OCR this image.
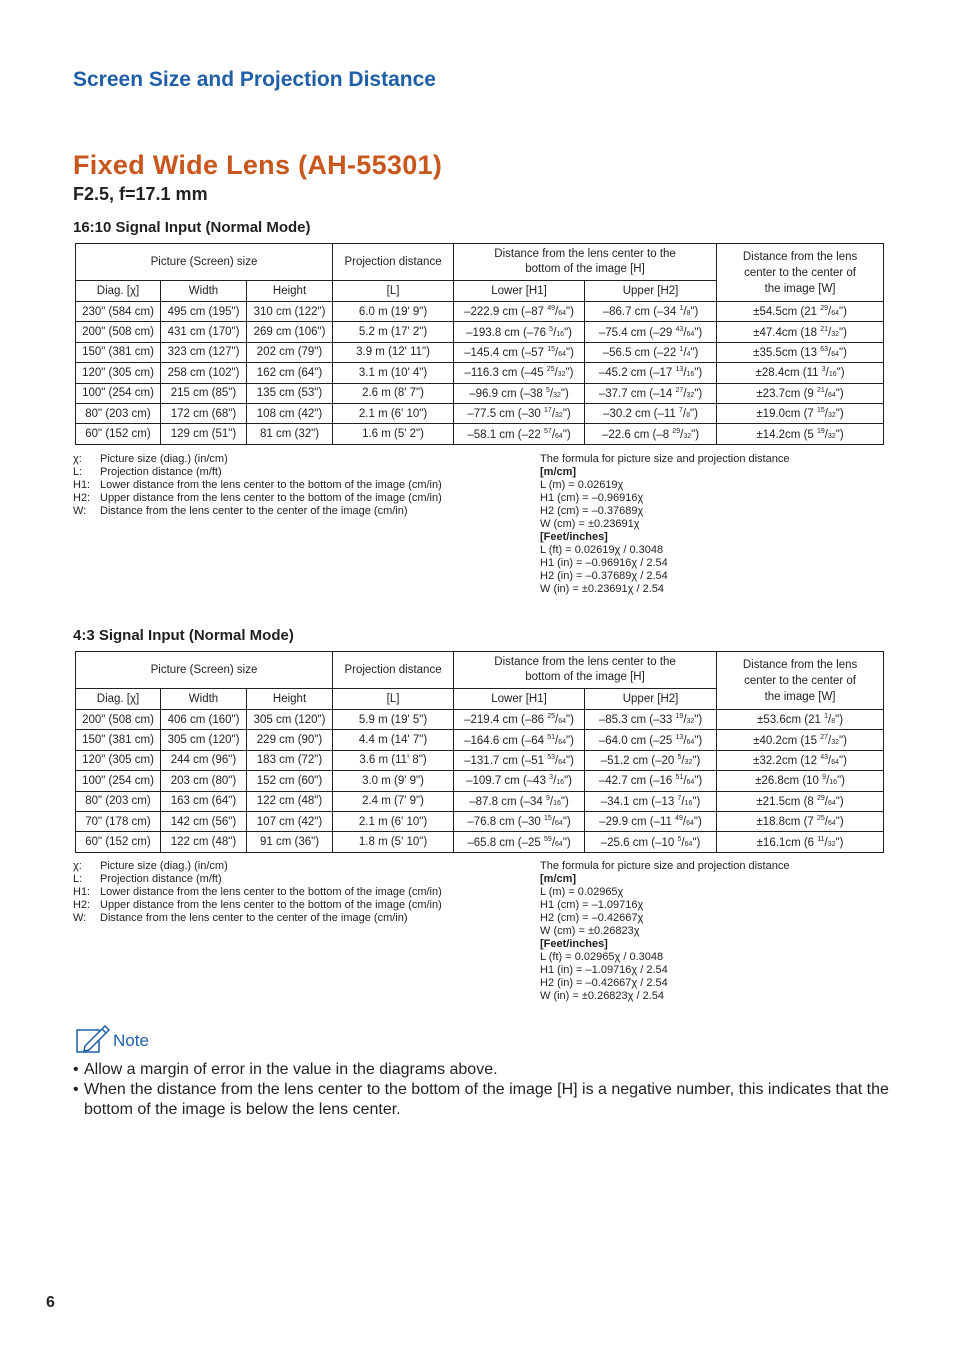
Screen Size and Projection Distance
Fixed Wide Lens (AH-55301)
F2.5, f=17.1 mm
16:10 Signal Input (Normal Mode)
Picture (Screen) size			Projection distance	Distance from the lens center to the bottom of the image [H]		Distance from the lens center to the center of the image [W]
Diag. [χ]	Width	Height	[L]	Lower [H1]	Upper [H2]	
230" (584 cm)	495 cm (195")	310 cm (122")	6.0 m (19' 9")	–222.9 cm (–87 $^{49}$/64")	–86.7 cm (–34 $^1$/8")	±54.5cm (21 $^{29}$/64")
200" (508 cm)	431 cm (170")	269 cm (106")	5.2 m (17' 2")	–193.8 cm (–76 $^5$/16")	–75.4 cm (–29 $^{43}$/64")	±47.4cm (18 $^{21}$/32")
150" (381 cm)	323 cm (127")	202 cm (79")	3.9 m (12' 11")	–145.4 cm (–57 $^{15}$/64")	–56.5 cm (–22 $^1$/4")	±35.5cm (13 $^{63}$/64")
120" (305 cm)	258 cm (102")	162 cm (64")	3.1 m (10' 4")	–116.3 cm (–45 $^{25}$/32")	–45.2 cm (–17 $^{13}$/16")	±28.4cm (11 $^3$/16")
100" (254 cm)	215 cm (85")	135 cm (53")	2.6 m (8' 7")	–96.9 cm (–38 $^5$/32")	–37.7 cm (–14 $^{27}$/32")	±23.7cm (9 $^{21}$/64")
80" (203 cm)	172 cm (68")	108 cm (42")	2.1 m (6' 10")	–77.5 cm (–30 $^{17}$/32")	–30.2 cm (–11 $^7$/8")	±19.0cm (7 $^{15}$/32")
60" (152 cm)	129 cm (51")	81 cm (32")	1.6 m (5' 2")	–58.1 cm (–22 $^{57}$/64")	–22.6 cm (–8 $^{29}$/32")	±14.2cm (5 $^{19}$/32")
χ:	Picture size (diag.) (in/cm)
L:	Projection distance (m/ft)
H1: Lower distance from the lens center to the bottom of the image (cm/in)
H2: Upper distance from the lens center to the bottom of the image (cm/in)
W:	Distance from the lens center to the center of the image (cm/in)
The formula for picture size and projection distance
[m/cm]
L (m) = 0.02619χ
H1 (cm) = –0.96916χ
H2 (cm) = –0.37689χ
W (cm) = ±0.23691χ
[Feet/inches]
L (ft) = 0.02619χ / 0.3048
H1 (in) = –0.96916χ / 2.54
H2 (in) = –0.37689χ / 2.54
W (in) = ±0.23691χ / 2.54
4:3 Signal Input (Normal Mode)
Picture (Screen) size			Projection distance	Distance from the lens center to the bottom of the image [H]		Distance from the lens center to the center of the image [W]
Diag. [χ]	Width	Height	[L]	Lower [H1]	Upper [H2]	
200" (508 cm)	406 cm (160")	305 cm (120")	5.9 m (19' 5")	–219.4 cm (–86 $^{25}$/64")	–85.3 cm (–33 $^{19}$/32")	±53.6cm (21 $^1$/8")
150" (381 cm)	305 cm (120")	229 cm (90")	4.4 m (14' 7")	–164.6 cm (–64 $^{51}$/64")	–64.0 cm (–25 $^{13}$/64")	±40.2cm (15 $^{27}$/32")
120" (305 cm)	244 cm (96")	183 cm (72")	3.6 m (11' 8")	–131.7 cm (–51 $^{53}$/64")	–51.2 cm (–20 $^5$/32")	±32.2cm (12 $^{43}$/64")
100" (254 cm)	203 cm (80")	152 cm (60")	3.0 m (9' 9")	–109.7 cm (–43 $^3$/16")	–42.7 cm (–16 $^{51}$/64")	±26.8cm (10 $^9$/16")
80" (203 cm)	163 cm (64")	122 cm (48")	2.4 m (7' 9")	–87.8 cm (–34 $^9$/16")	–34.1 cm (–13 $^7$/16")	±21.5cm (8 $^{29}$/64")
70" (178 cm)	142 cm (56")	107 cm (42")	2.1 m (6' 10")	–76.8 cm (–30 $^{15}$/64")	–29.9 cm (–11 $^{49}$/64")	±18.8cm (7 $^{25}$/64")
60" (152 cm)	122 cm (48")	91 cm (36")	1.8 m (5' 10")	–65.8 cm (–25 $^{59}$/64")	–25.6 cm (–10 $^5$/64")	±16.1cm (6 $^{11}$/32")
χ:	Picture size (diag.) (in/cm)
L:	Projection distance (m/ft)
H1: Lower distance from the lens center to the bottom of the image (cm/in)
H2: Upper distance from the lens center to the bottom of the image (cm/in)
W:	Distance from the lens center to the center of the image (cm/in)
The formula for picture size and projection distance
[m/cm]
L (m) = 0.02965χ
H1 (cm) = –1.09716χ
H2 (cm) = –0.42667χ
W (cm) = ±0.26823χ
[Feet/inches]
L (ft) = 0.02965χ / 0.3048
H1 (in) = –1.09716χ / 2.54
H2 (in) = –0.42667χ / 2.54
W (in) = ±0.26823χ / 2.54
Note
• Allow a margin of error in the value in the diagrams above.
• When the distance from the lens center to the bottom of the image [H] is a negative number, this indicates that the bottom of the image is below the lens center.
6
